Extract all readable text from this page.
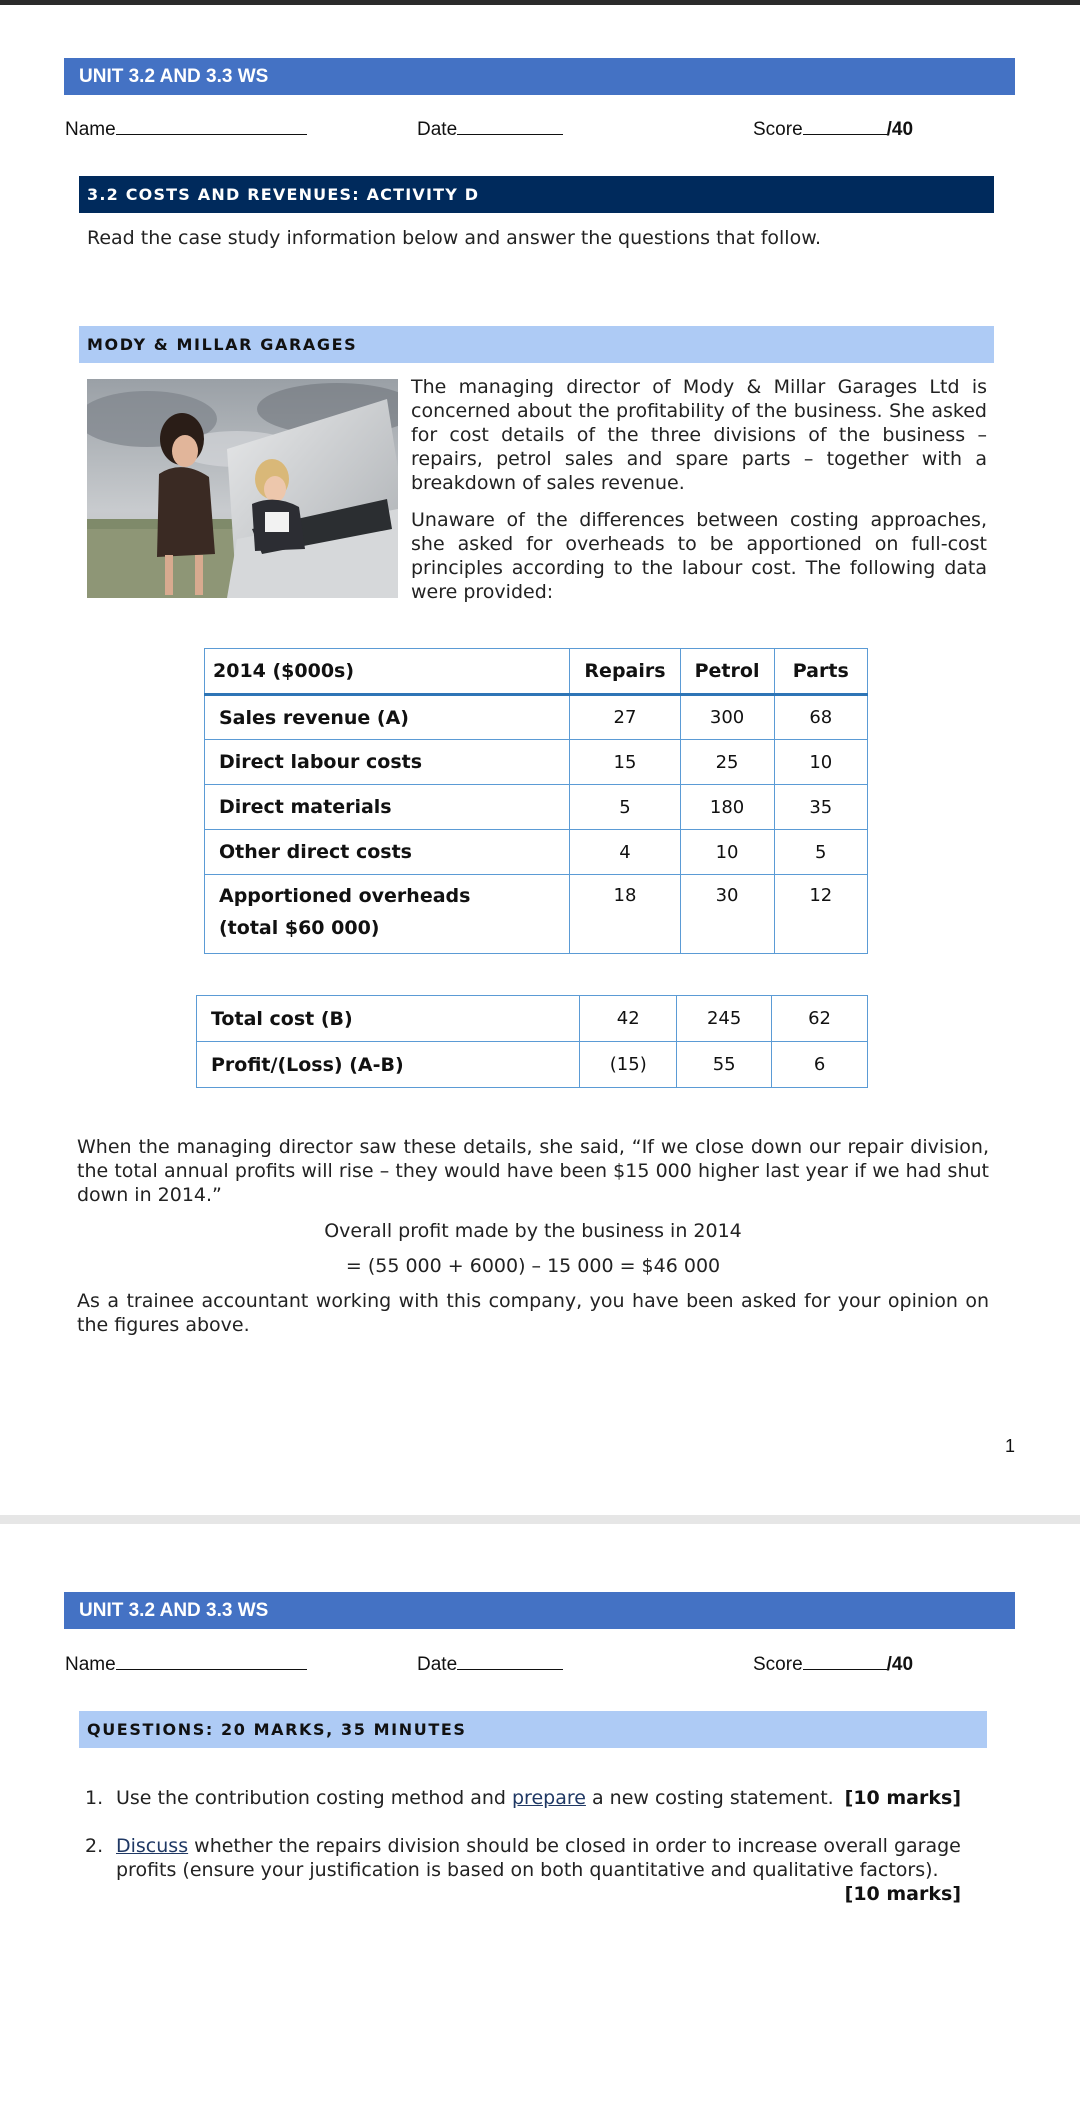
UNIT 3.2 AND 3.3 WS
Name	Date	Score	/40
3.2 COSTS AND REVENUES: ACTIVITY D
Read the case study information below and answer the questions that follow.
MODY & MILLAR GARAGES
The managing director of Mody & Millar Garages Ltd is concerned about the profitability of the business. She asked for cost details of the three divisions of the business – repairs, petrol sales and spare parts – together with a breakdown of sales revenue.
Unaware of the differences between costing approaches, she asked for overheads to be apportioned on full-cost principles according to the labour cost. The following data were provided:
2014 ($000s)	Repairs	Petrol	Parts
Sales revenue (A)	27	300	68
Direct labour costs	15	25	10
Direct materials	5	180	35
Other direct costs	4	10	5

Apportioned overheads
(total $60 000)	18	30	12
Total cost (B)	42	245	62
Profit/(Loss) (A-B)	(15)	55	6
When the managing director saw these details, she said, “If we close down our repair division, the total annual profits will rise – they would have been $15 000 higher last year if we had shut down in 2014.”
Overall profit made by the business in 2014
= (55 000 + 6000) – 15 000 = $46 000
As a trainee accountant working with this company, you have been asked for your opinion on the figures above.
1
UNIT 3.2 AND 3.3 WS
Name	Date	Score	/40
QUESTIONS: 20 MARKS, 35 MINUTES
1. Use the contribution costing method and prepare a new costing statement. [10 marks]
2. Discuss whether the repairs division should be closed in order to increase overall garage profits (ensure your justification is based on both quantitative and qualitative factors).
[10 marks]
